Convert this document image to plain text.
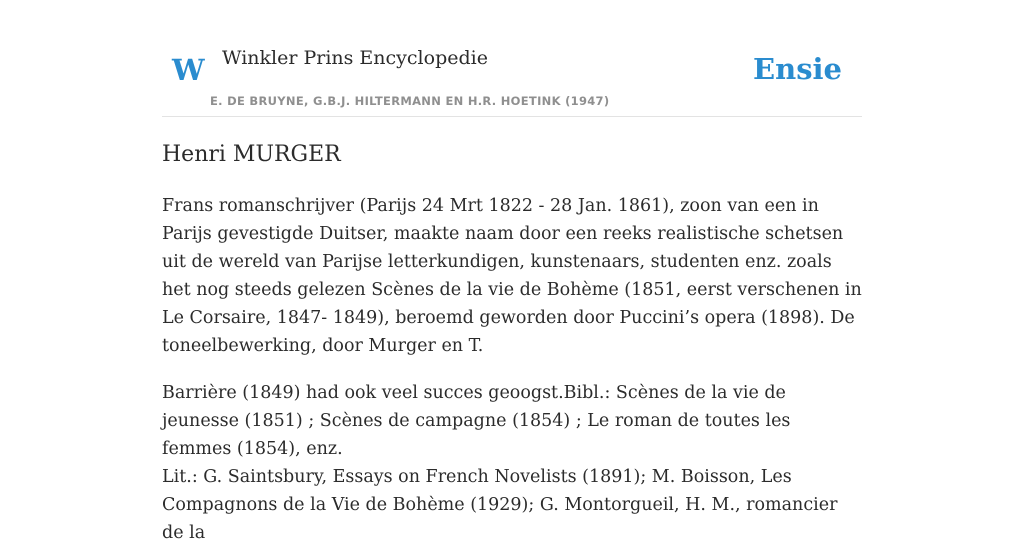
W Winkler Prins Encyclopedie
E. DE BRUYNE, G.B.J. HILTERMANN EN H.R. HOETINK (1947)
Ensie
Henri MURGER

Frans romanschrijver (Parijs 24 Mrt 1822 - 28 Jan. 1861), zoon van een in Parijs gevestigde Duitser, maakte naam door een reeks realistische schetsen uit de wereld van Parijse letterkundigen, kunstenaars, studenten enz. zoals het nog steeds gelezen Scènes de la vie de Bohème (1851, eerst verschenen in Le Corsaire, 1847- 1849), beroemd geworden door Puccini’s opera (1898). De toneelbewerking, door Murger en T.

Barrière (1849) had ook veel succes geoogst.Bibl.: Scènes de la vie de jeunesse (1851) ; Scènes de campagne (1854) ; Le roman de toutes les femmes (1854), enz.

Lit.: G. Saintsbury, Essays on French Novelists (1891); M. Boisson, Les Compagnons de la Vie de Bohème (1929); G. Montorgueil, H. M., romancier de la
